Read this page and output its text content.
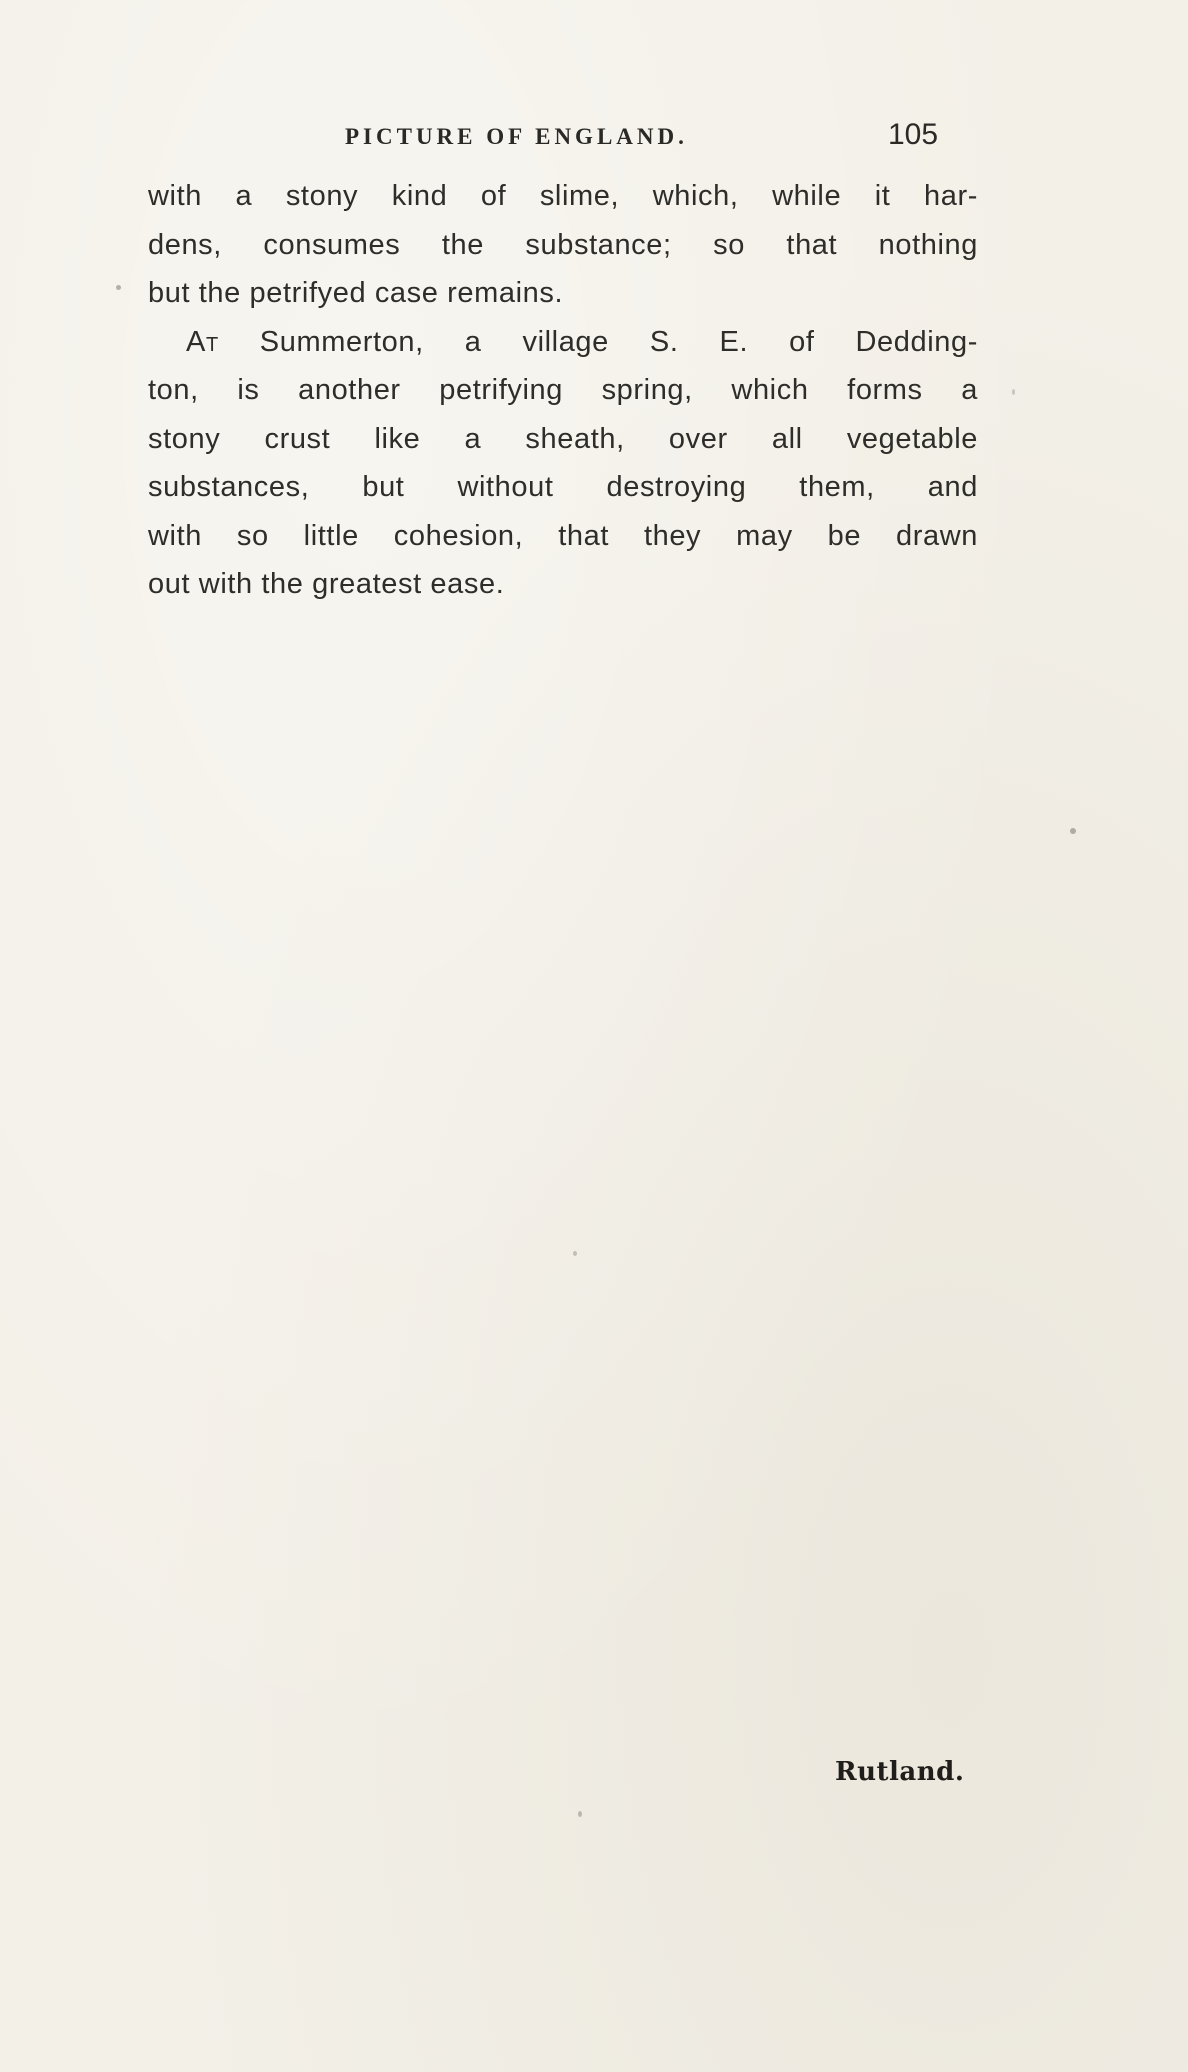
PICTURE OF ENGLAND.	105
with a stony kind of slime, which, while it har-
dens, consumes the substance; so that nothing
but the petrifyed case remains.
At Summerton, a village S. E. of Dedding-
ton, is another petrifying spring, which forms a
stony crust like a sheath, over all vegetable
substances, but without destroying them, and
with so little cohesion, that they may be drawn
out with the greatest ease.
Rutland.
